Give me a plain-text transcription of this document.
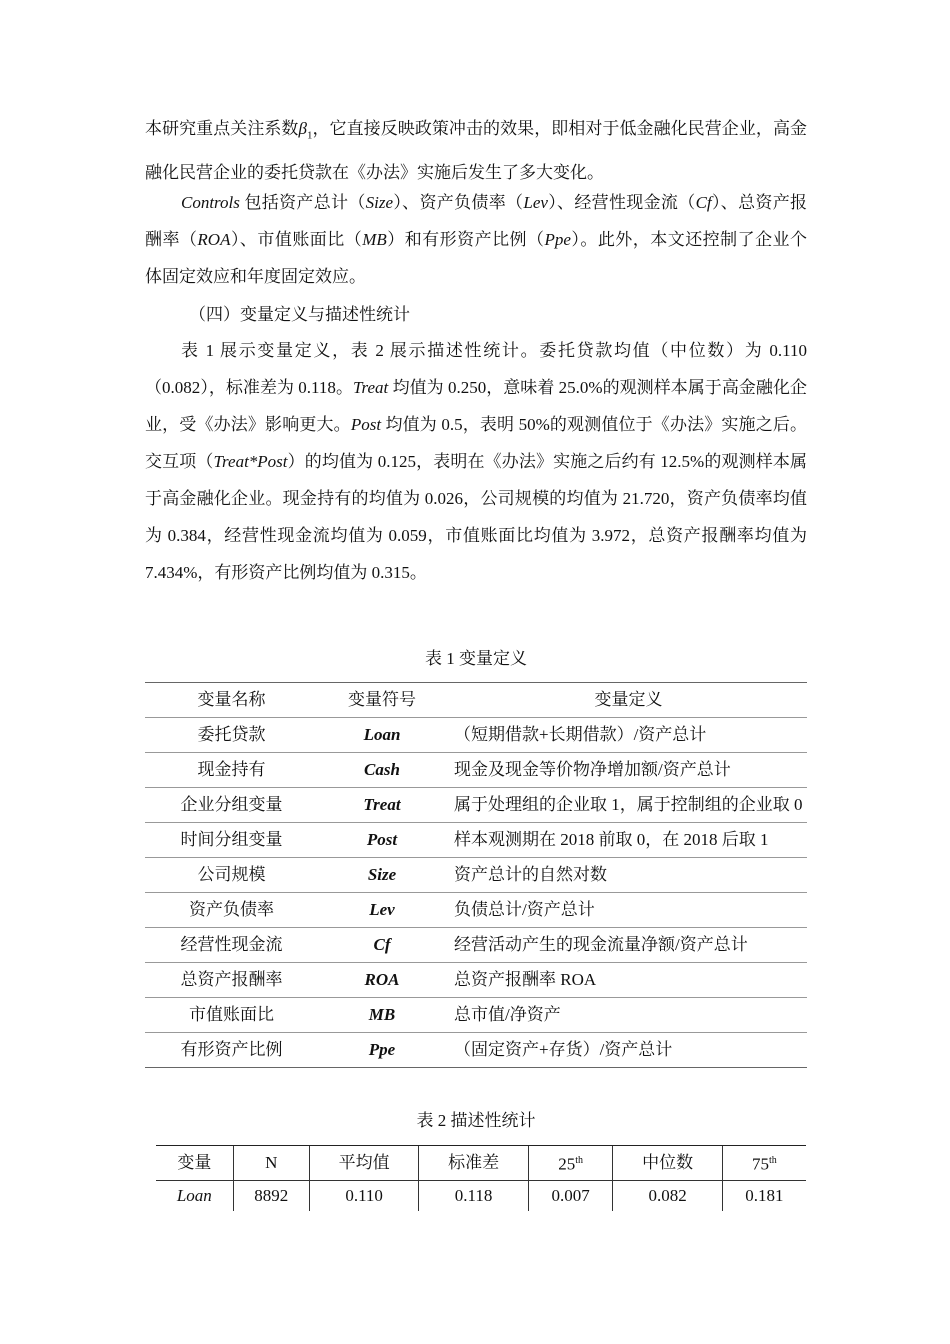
本研究重点关注系数$\beta_1$，它直接反映政策冲击的效果，即相对于低金融化民营企业，高金融化民营企业的委托贷款在《办法》实施后发生了多大变化。

Controls 包括资产总计（Size）、资产负债率（Lev）、经营性现金流（Cf）、总资产报酬率（ROA）、市值账面比（MB）和有形资产比例（Ppe）。此外，本文还控制了企业个体固定效应和年度固定效应。

（四）变量定义与描述性统计

表 1 展示变量定义，表 2 展示描述性统计。委托贷款均值（中位数）为 0.110（0.082），标准差为 0.118。Treat 均值为 0.250，意味着 25.0%的观测样本属于高金融化企业，受《办法》影响更大。Post 均值为 0.5，表明 50%的观测值位于《办法》实施之后。交互项（Treat*Post）的均值为 0.125，表明在《办法》实施之后约有 12.5%的观测样本属于高金融化企业。现金持有的均值为 0.026，公司规模的均值为 21.720，资产负债率均值为 0.384，经营性现金流均值为 0.059，市值账面比均值为 3.972，总资产报酬率均值为 7.434%，有形资产比例均值为 0.315。

表 1 变量定义
变量名称	变量符号	变量定义
委托贷款	Loan	（短期借款+长期借款）/资产总计
现金持有	Cash	现金及现金等价物净增加额/资产总计
企业分组变量	Treat	属于处理组的企业取 1，属于控制组的企业取 0
时间分组变量	Post	样本观测期在 2018 前取 0，在 2018 后取 1
公司规模	Size	资产总计的自然对数
资产负债率	Lev	负债总计/资产总计
经营性现金流	Cf	经营活动产生的现金流量净额/资产总计
总资产报酬率	ROA	总资产报酬率 ROA
市值账面比	MB	总市值/净资产
有形资产比例	Ppe	（固定资产+存货）/资产总计
表 2 描述性统计
变量	N	平均值	标准差	25th	中位数	75th
Loan	8892	0.110	0.118	0.007	0.082	0.181
